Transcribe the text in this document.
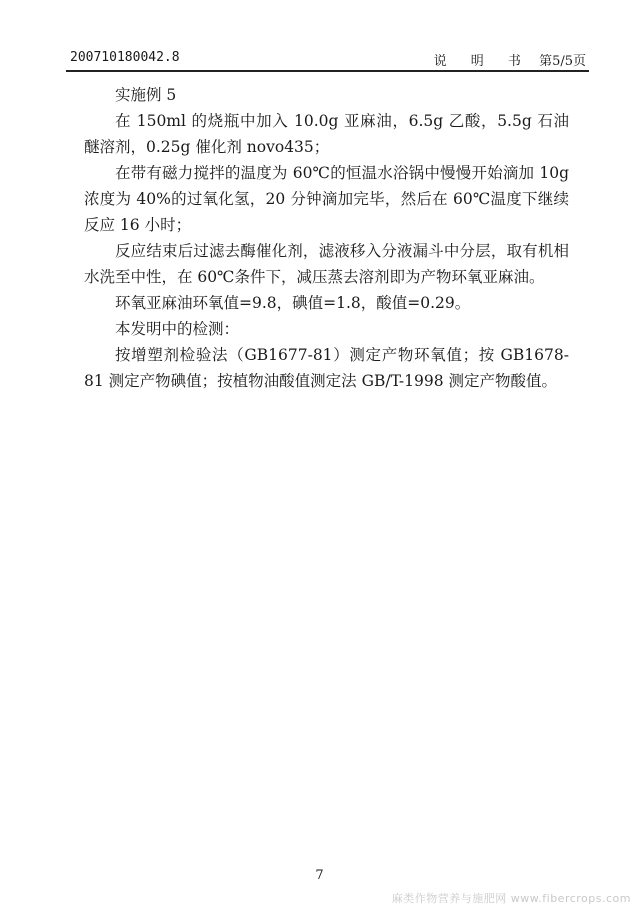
200710180042.8	说 明 书 第5/5页

实施例 5

在 150ml 的烧瓶中加入 10.0g 亚麻油，6.5g 乙酸，5.5g 石油醚溶剂，0.25g 催化剂 novo435；

在带有磁力搅拌的温度为 60℃的恒温水浴锅中慢慢开始滴加 10g 浓度为 40%的过氧化氢，20 分钟滴加完毕，然后在 60℃温度下继续反应 16 小时；

反应结束后过滤去酶催化剂，滤液移入分液漏斗中分层，取有机相水洗至中性，在 60℃条件下，减压蒸去溶剂即为产物环氧亚麻油。

环氧亚麻油环氧值=9.8，碘值=1.8，酸值=0.29。

本发明中的检测：

按增塑剂检验法（GB1677-81）测定产物环氧值；按 GB1678-81 测定产物碘值；按植物油酸值测定法 GB/T-1998 测定产物酸值。

7
麻类作物营养与施肥网 www.fibercrops.com
